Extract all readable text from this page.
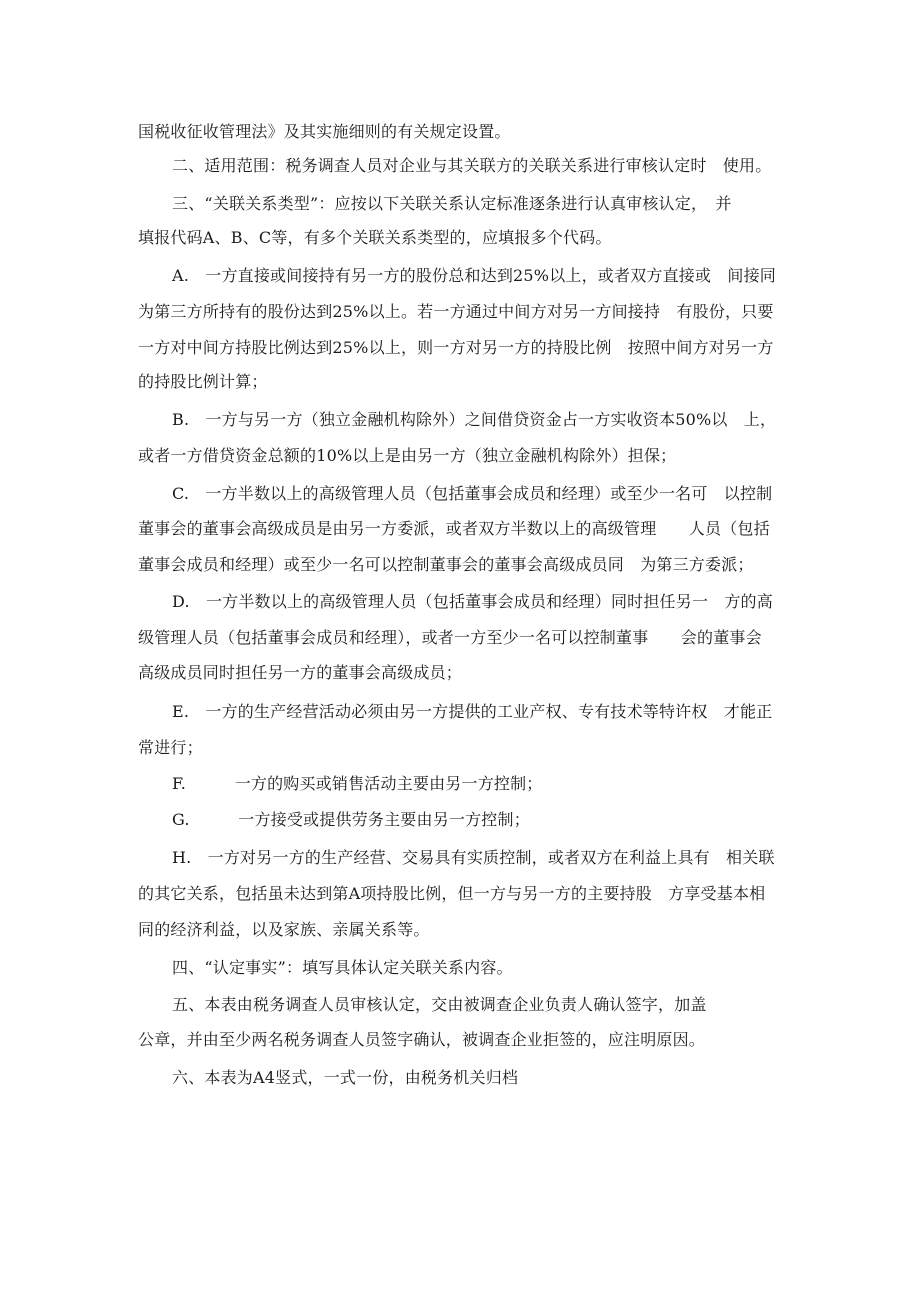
国税收征收管理法》及其实施细则的有关规定设置。
二、适用范围：税务调查人员对企业与其关联方的关联关系进行审核认定时　使用。
三、“关联关系类型”：应按以下关联关系认定标准逐条进行认真审核认定，　并
填报代码A、B、C等，有多个关联关系类型的，应填报多个代码。
A.　一方直接或间接持有另一方的股份总和达到25%以上，或者双方直接或　间接同
为第三方所持有的股份达到25%以上。若一方通过中间方对另一方间接持　有股份，只要
一方对中间方持股比例达到25%以上，则一方对另一方的持股比例　按照中间方对另一方
的持股比例计算；
B.　一方与另一方（独立金融机构除外）之间借贷资金占一方实收资本50%以　上，
或者一方借贷资金总额的10%以上是由另一方（独立金融机构除外）担保；
C.　一方半数以上的高级管理人员（包括董事会成员和经理）或至少一名可　以控制
董事会的董事会高级成员是由另一方委派，或者双方半数以上的高级管理　　人员（包括
董事会成员和经理）或至少一名可以控制董事会的董事会高级成员同　为第三方委派；
D.　一方半数以上的高级管理人员（包括董事会成员和经理）同时担任另一　方的高
级管理人员（包括董事会成员和经理），或者一方至少一名可以控制董事　　会的董事会
高级成员同时担任另一方的董事会高级成员；
E.　一方的生产经营活动必须由另一方提供的工业产权、专有技术等特许权　才能正
常进行；
F.　　　一方的购买或销售活动主要由另一方控制；
G.　　　一方接受或提供劳务主要由另一方控制；
H.　一方对另一方的生产经营、交易具有实质控制，或者双方在利益上具有　相关联
的其它关系，包括虽未达到第A项持股比例，但一方与另一方的主要持股　方享受基本相
同的经济利益，以及家族、亲属关系等。
四、“认定事实”：填写具体认定关联关系内容。
五、本表由税务调查人员审核认定，交由被调查企业负责人确认签字，加盖
公章，并由至少两名税务调查人员签字确认，被调查企业拒签的，应注明原因。
六、本表为A4竖式，一式一份，由税务机关归档
